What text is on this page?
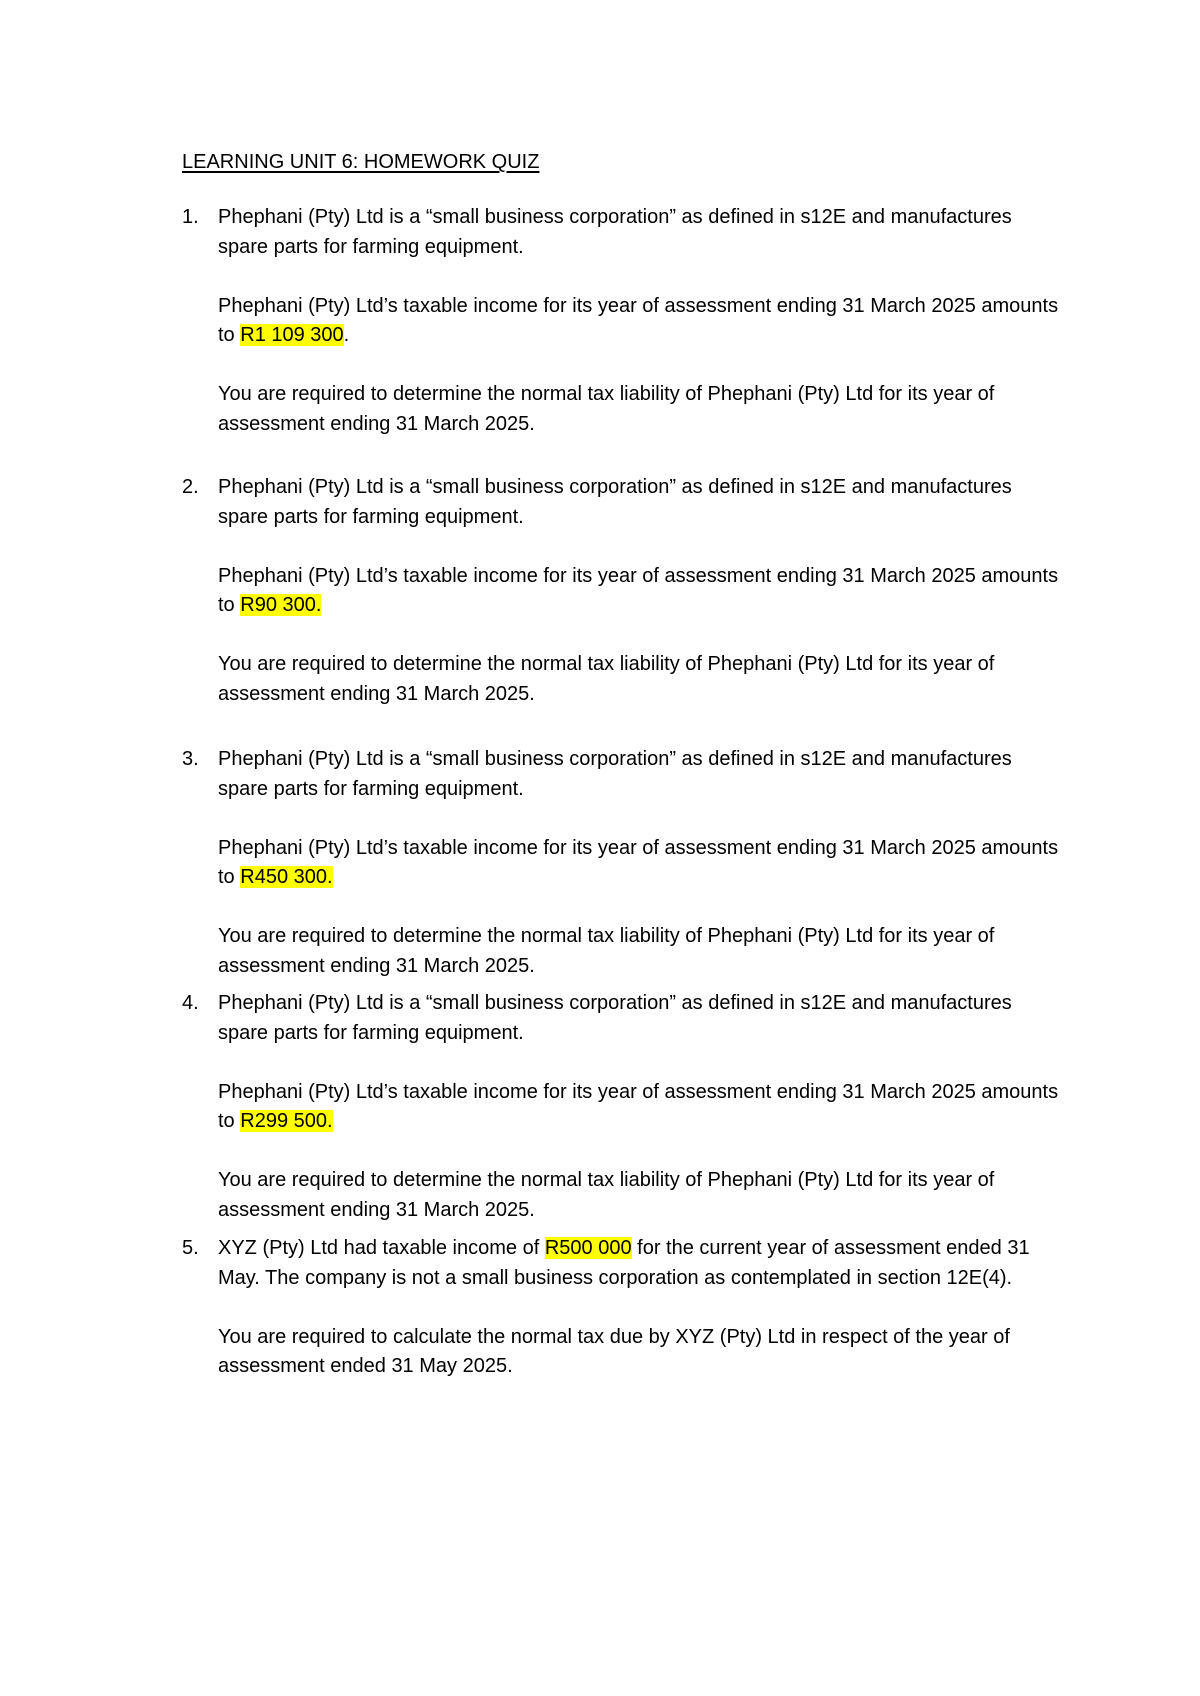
LEARNING UNIT 6: HOMEWORK QUIZ
1. Phephani (Pty) Ltd is a “small business corporation” as defined in s12E and manufactures spare parts for farming equipment.

Phephani (Pty) Ltd’s taxable income for its year of assessment ending 31 March 2025 amounts to R1 109 300.

You are required to determine the normal tax liability of Phephani (Pty) Ltd for its year of assessment ending 31 March 2025.

2. Phephani (Pty) Ltd is a “small business corporation” as defined in s12E and manufactures spare parts for farming equipment.

Phephani (Pty) Ltd’s taxable income for its year of assessment ending 31 March 2025 amounts to R90 300.

You are required to determine the normal tax liability of Phephani (Pty) Ltd for its year of assessment ending 31 March 2025.

3. Phephani (Pty) Ltd is a “small business corporation” as defined in s12E and manufactures spare parts for farming equipment.

Phephani (Pty) Ltd’s taxable income for its year of assessment ending 31 March 2025 amounts to R450 300.

You are required to determine the normal tax liability of Phephani (Pty) Ltd for its year of assessment ending 31 March 2025.

4. Phephani (Pty) Ltd is a “small business corporation” as defined in s12E and manufactures spare parts for farming equipment.

Phephani (Pty) Ltd’s taxable income for its year of assessment ending 31 March 2025 amounts to R299 500.

You are required to determine the normal tax liability of Phephani (Pty) Ltd for its year of assessment ending 31 March 2025.

5. XYZ (Pty) Ltd had taxable income of R500 000 for the current year of assessment ended 31 May. The company is not a small business corporation as contemplated in section 12E(4).

You are required to calculate the normal tax due by XYZ (Pty) Ltd in respect of the year of assessment ended 31 May 2025.
